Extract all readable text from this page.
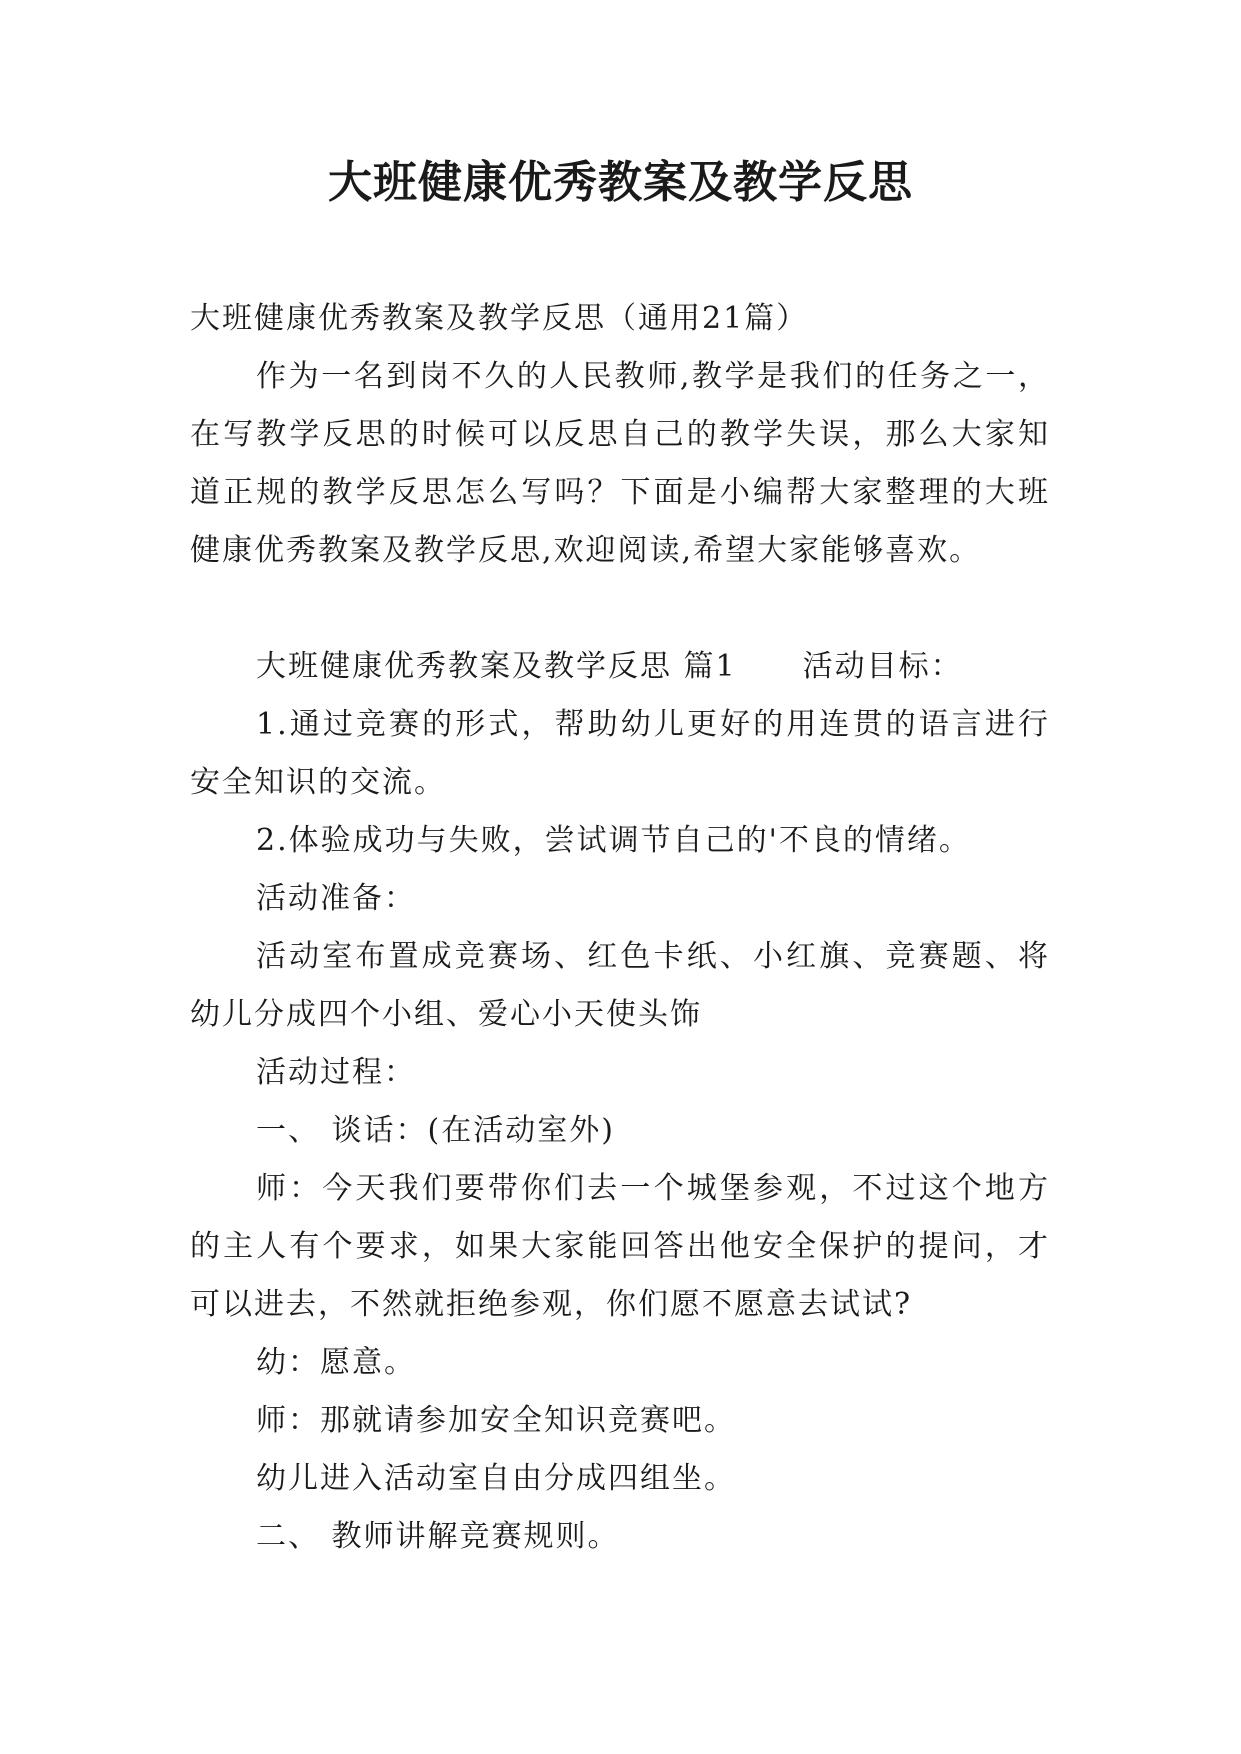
大班健康优秀教案及教学反思

大班健康优秀教案及教学反思（通用21篇）

作为一名到岗不久的人民教师,教学是我们的任务之一，在写教学反思的时候可以反思自己的教学失误，那么大家知道正规的教学反思怎么写吗？下面是小编帮大家整理的大班健康优秀教案及教学反思,欢迎阅读,希望大家能够喜欢。

大班健康优秀教案及教学反思 篇1 活动目标：

1.通过竞赛的形式，帮助幼儿更好的用连贯的语言进行安全知识的交流。

2.体验成功与失败，尝试调节自己的'不良的情绪。

活动准备：

活动室布置成竞赛场、红色卡纸、小红旗、竞赛题、将幼儿分成四个小组、爱心小天使头饰

活动过程：

一、 谈话：(在活动室外)

师：今天我们要带你们去一个城堡参观，不过这个地方的主人有个要求，如果大家能回答出他安全保护的提问，才可以进去，不然就拒绝参观，你们愿不愿意去试试?

幼：愿意。

师：那就请参加安全知识竞赛吧。

幼儿进入活动室自由分成四组坐。

二、 教师讲解竞赛规则。
